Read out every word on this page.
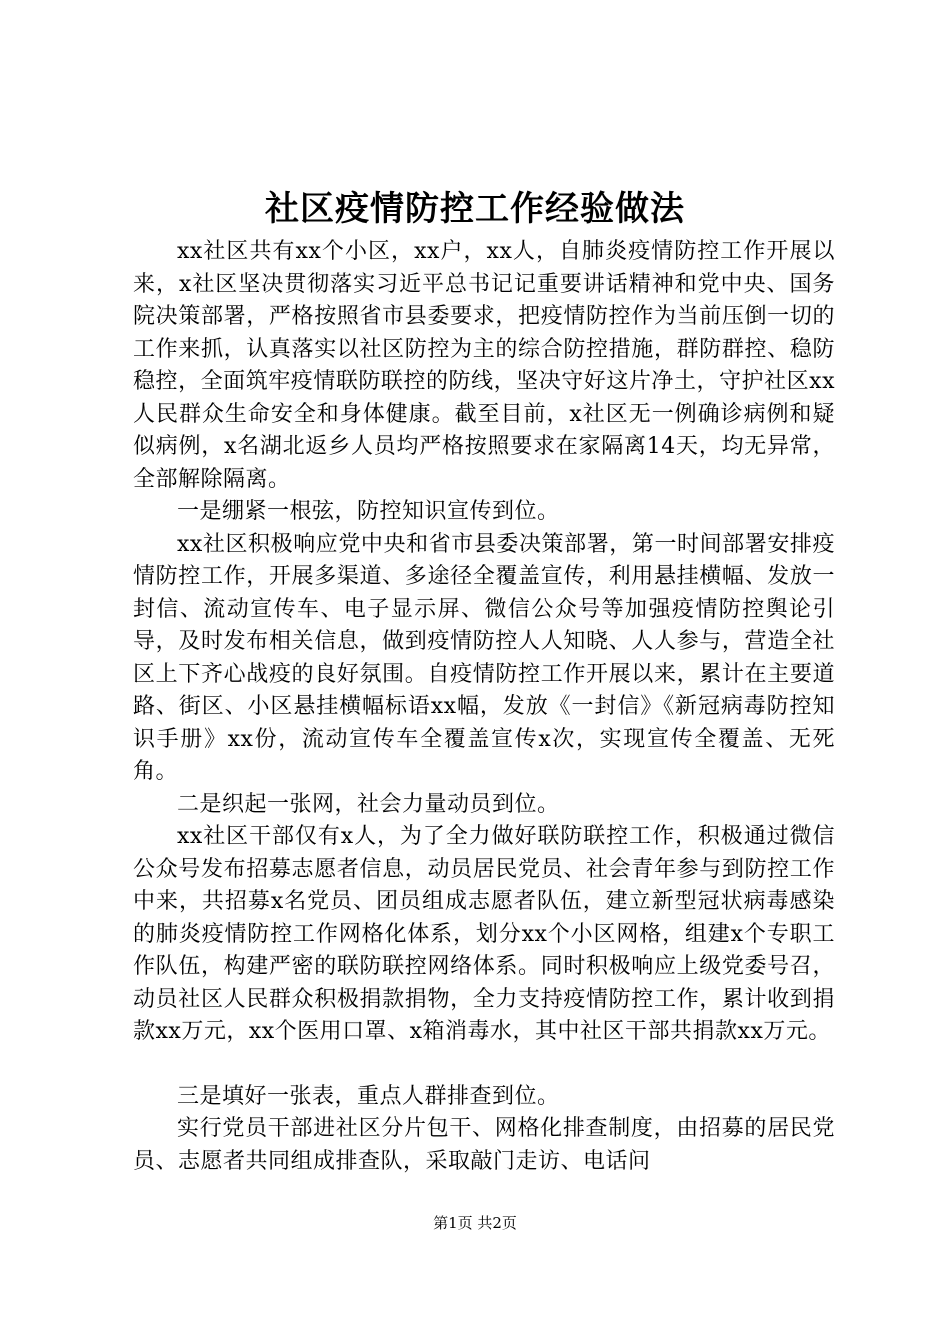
社区疫情防控工作经验做法

xx社区共有xx个小区，xx户，xx人，自肺炎疫情防控工作开展以来，x社区坚决贯彻落实习近平总书记记重要讲话精神和党中央、国务院决策部署，严格按照省市县委要求，把疫情防控作为当前压倒一切的工作来抓，认真落实以社区防控为主的综合防控措施，群防群控、稳防稳控，全面筑牢疫情联防联控的防线，坚决守好这片净土，守护社区xx人民群众生命安全和身体健康。截至目前，x社区无一例确诊病例和疑似病例，x名湖北返乡人员均严格按照要求在家隔离14天，均无异常，全部解除隔离。

一是绷紧一根弦，防控知识宣传到位。

xx社区积极响应党中央和省市县委决策部署，第一时间部署安排疫情防控工作，开展多渠道、多途径全覆盖宣传，利用悬挂横幅、发放一封信、流动宣传车、电子显示屏、微信公众号等加强疫情防控舆论引导，及时发布相关信息，做到疫情防控人人知晓、人人参与，营造全社区上下齐心战疫的良好氛围。自疫情防控工作开展以来，累计在主要道路、街区、小区悬挂横幅标语xx幅，发放《一封信》《新冠病毒防控知识手册》xx份，流动宣传车全覆盖宣传x次，实现宣传全覆盖、无死角。

二是织起一张网，社会力量动员到位。

xx社区干部仅有x人，为了全力做好联防联控工作，积极通过微信公众号发布招募志愿者信息，动员居民党员、社会青年参与到防控工作中来，共招募x名党员、团员组成志愿者队伍，建立新型冠状病毒感染的肺炎疫情防控工作网格化体系，划分xx个小区网格，组建x个专职工作队伍，构建严密的联防联控网络体系。同时积极响应上级党委号召，动员社区人民群众积极捐款捐物，全力支持疫情防控工作，累计收到捐款xx万元，xx个医用口罩、x箱消毒水，其中社区干部共捐款xx万元。

三是填好一张表，重点人群排查到位。

实行党员干部进社区分片包干、网格化排查制度，由招募的居民党员、志愿者共同组成排查队，采取敲门走访、电话问

第1页 共2页
